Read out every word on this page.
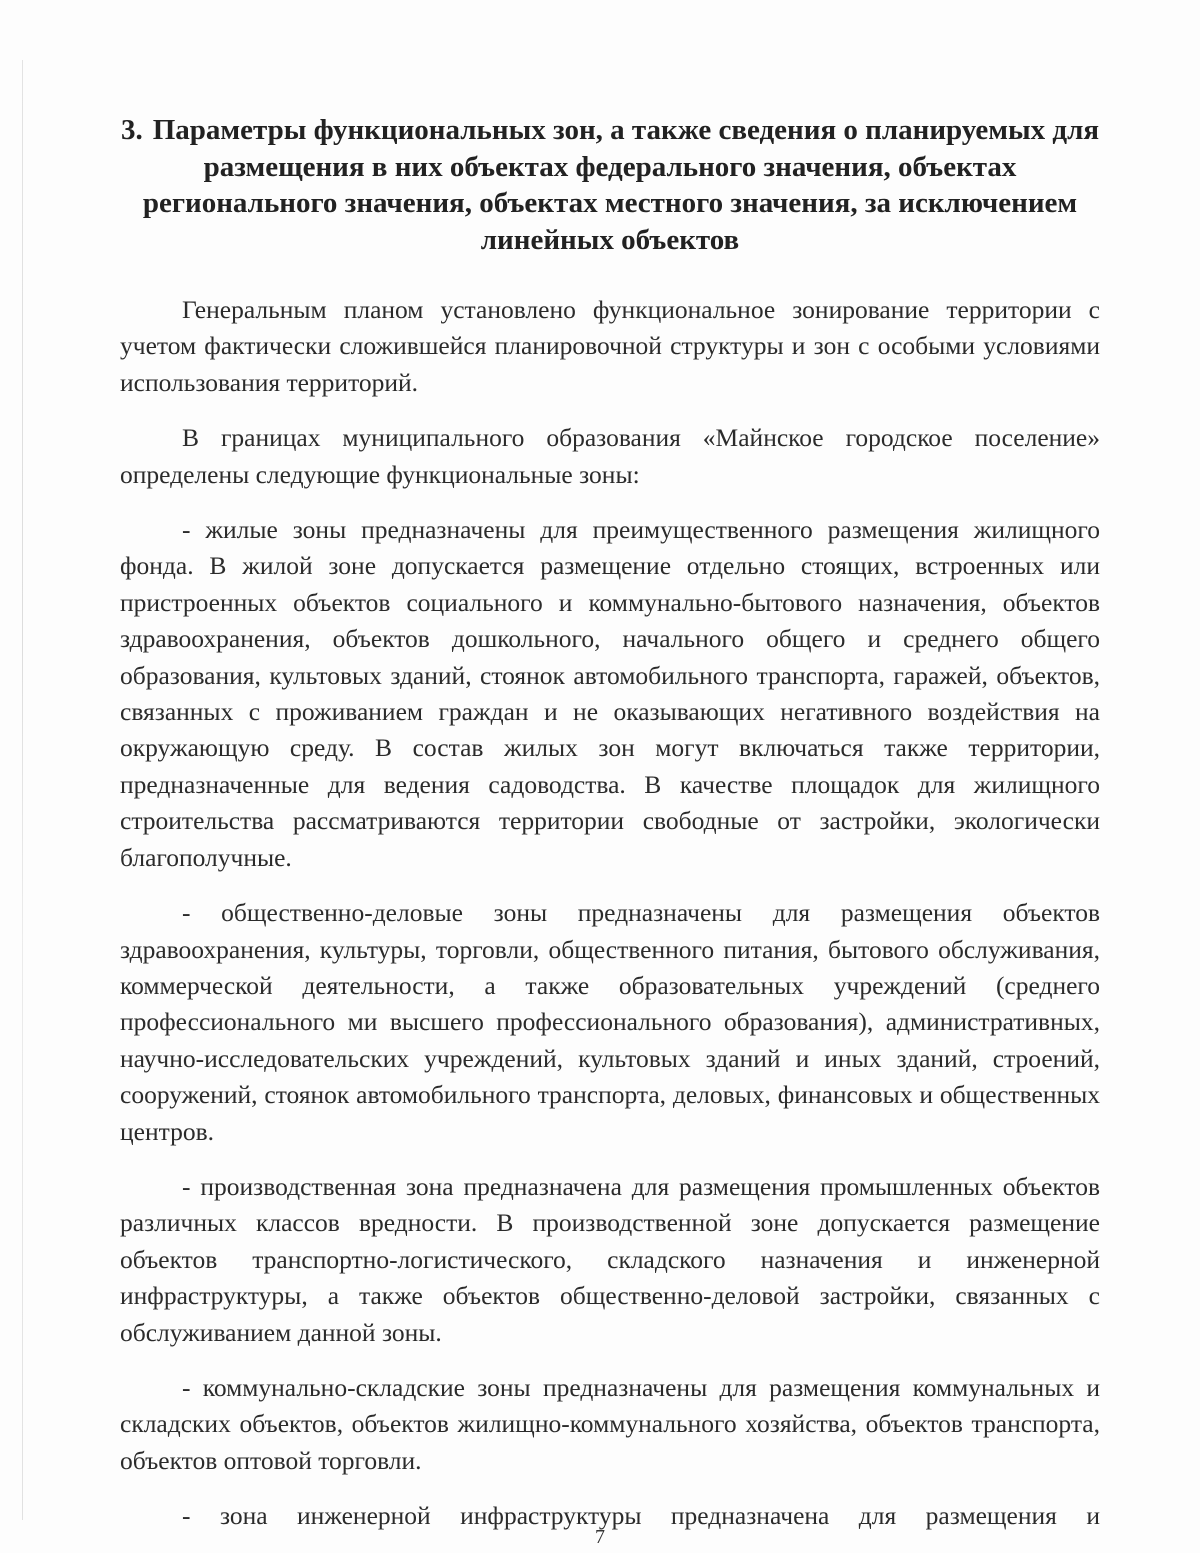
3. Параметры функциональных зон, а также сведения о планируемых для размещения в них объектах федерального значения, объектах регионального значения, объектах местного значения, за исключением линейных объектов

Генеральным планом установлено функциональное зонирование территории с учетом фактически сложившейся планировочной структуры и зон с особыми условиями использования территорий.

В границах муниципального образования «Майнское городское поселение» определены следующие функциональные зоны:

- жилые зоны предназначены для преимущественного размещения жилищного фонда. В жилой зоне допускается размещение отдельно стоящих, встроенных или пристроенных объектов социального и коммунально-бытового назначения, объектов здравоохранения, объектов дошкольного, начального общего и среднего общего образования, культовых зданий, стоянок автомобильного транспорта, гаражей, объектов, связанных с проживанием граждан и не оказывающих негативного воздействия на окружающую среду. В состав жилых зон могут включаться также территории, предназначенные для ведения садоводства. В качестве площадок для жилищного строительства рассматриваются территории свободные от застройки, экологически благополучные.

- общественно-деловые зоны предназначены для размещения объектов здравоохранения, культуры, торговли, общественного питания, бытового обслуживания, коммерческой деятельности, а также образовательных учреждений (среднего профессионального ми высшего профессионального образования), административных, научно-исследовательских учреждений, культовых зданий и иных зданий, строений, сооружений, стоянок автомобильного транспорта, деловых, финансовых и общественных центров.

- производственная зона предназначена для размещения промышленных объектов различных классов вредности. В производственной зоне допускается размещение объектов транспортно-логистического, складского назначения и инженерной инфраструктуры, а также объектов общественно-деловой застройки, связанных с обслуживанием данной зоны.

- коммунально-складские зоны предназначены для размещения коммунальных и складских объектов, объектов жилищно-коммунального хозяйства, объектов транспорта, объектов оптовой торговли.

- зона инженерной инфраструктуры предназначена для размещения и

7
